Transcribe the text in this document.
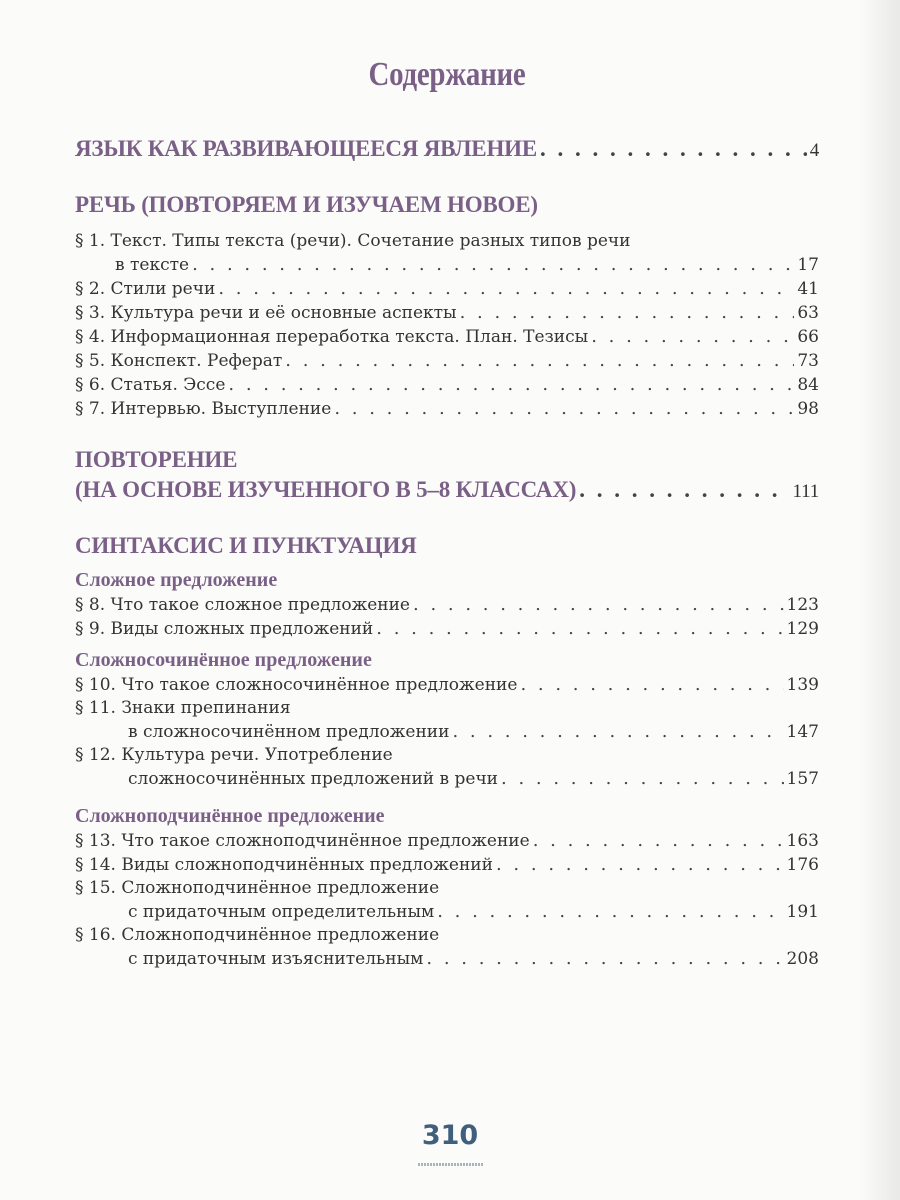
Содержание
ЯЗЫК КАК РАЗВИВАЮЩЕЕСЯ ЯВЛЕНИЕ . . .	4
РЕЧЬ (ПОВТОРЯЕМ И ИЗУЧАЕМ НОВОЕ)
§ 1. Текст. Типы текста (речи). Сочетание разных типов речи
в тексте . . .	17
§ 2. Стили речи . . .	41
§ 3. Культура речи и её основные аспекты . . .	63
§ 4. Информационная переработка текста. План. Тезисы . . .	66
§ 5. Конспект. Реферат . . .	73
§ 6. Статья. Эссе . . .	84
§ 7. Интервью. Выступление . . .	98
ПОВТОРЕНИЕ
(НА ОСНОВЕ ИЗУЧЕННОГО В 5–8 КЛАССАХ) . . .	111
СИНТАКСИС И ПУНКТУАЦИЯ
Сложное предложение
§ 8. Что такое сложное предложение . . .	123
§ 9. Виды сложных предложений . . .	129
Сложносочинённое предложение
§ 10. Что такое сложносочинённое предложение . . .	139
§ 11. Знаки препинания
в сложносочинённом предложении . . .	147
§ 12. Культура речи. Употребление
сложносочинённых предложений в речи . . .	157
Сложноподчинённое предложение
§ 13. Что такое сложноподчинённое предложение . . .	163
§ 14. Виды сложноподчинённых предложений . . .	176
§ 15. Сложноподчинённое предложение
с придаточным определительным . . .	191
§ 16. Сложноподчинённое предложение
с придаточным изъяснительным . . .	208
310
